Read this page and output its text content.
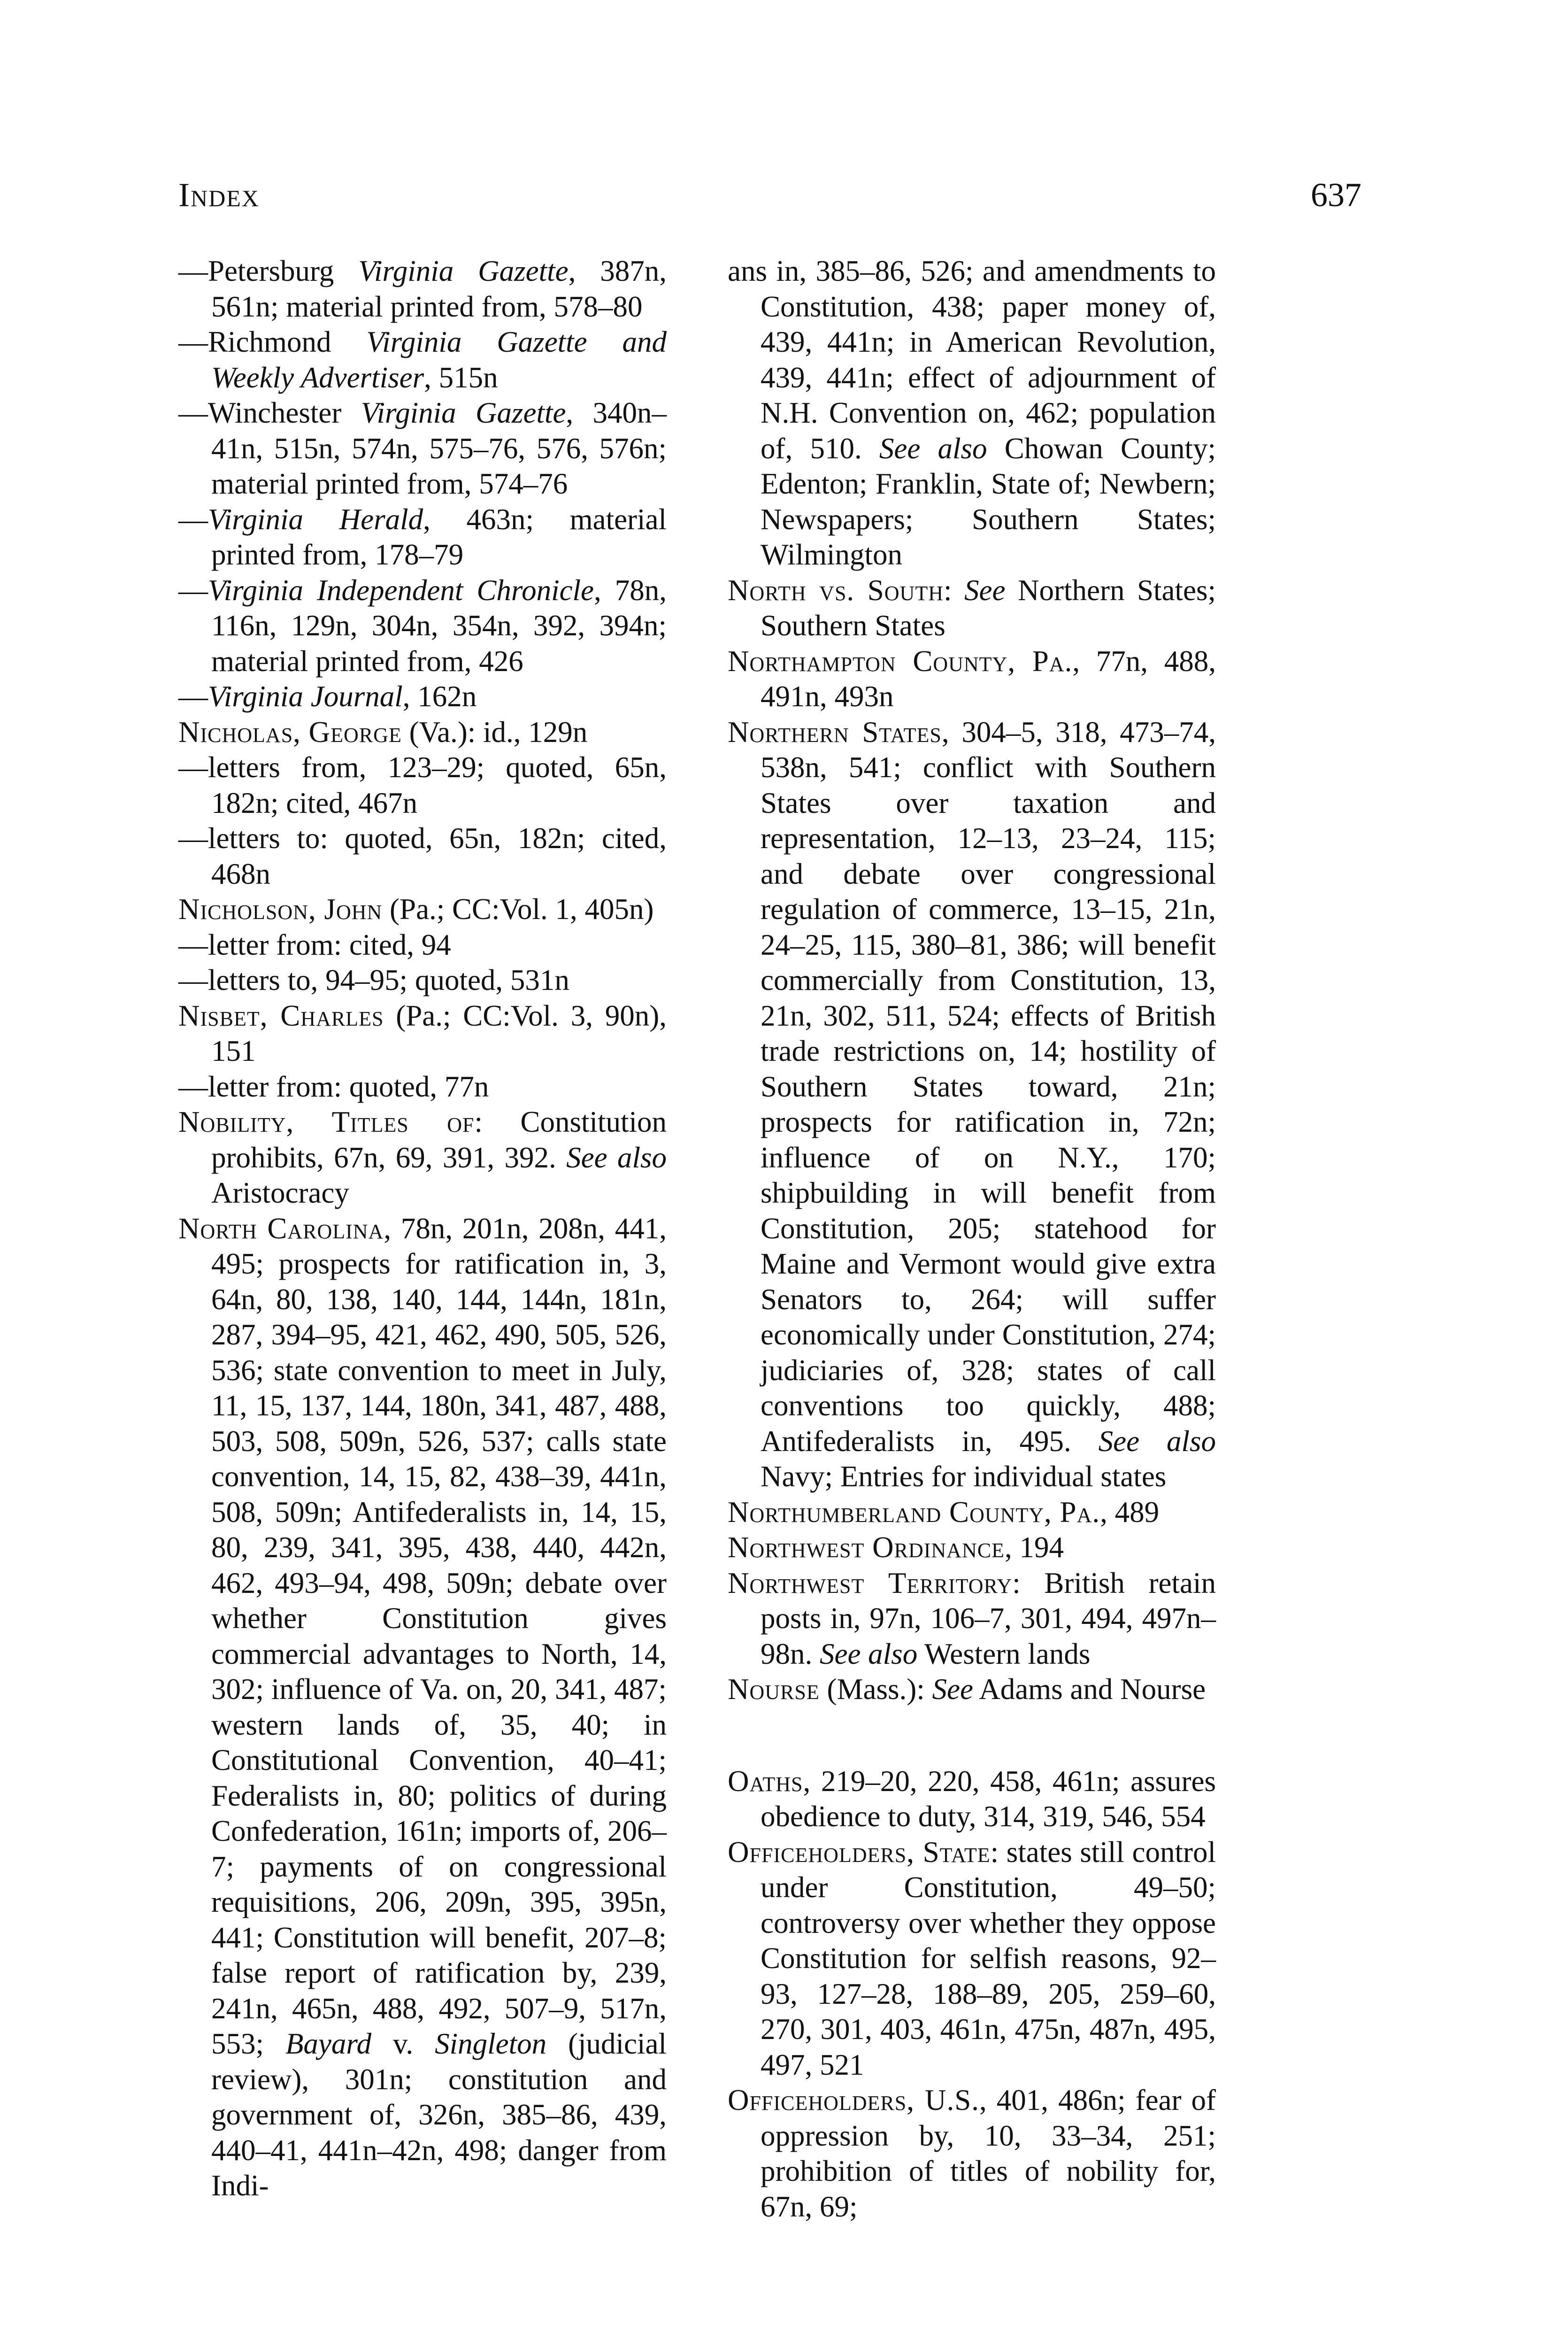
Index	637

—Petersburg Virginia Gazette, 387n, 561n; material printed from, 578–80

—Richmond Virginia Gazette and Weekly Advertiser, 515n

—Winchester Virginia Gazette, 340n–41n, 515n, 574n, 575–76, 576, 576n; material printed from, 574–76

—Virginia Herald, 463n; material printed from, 178–79

—Virginia Independent Chronicle, 78n, 116n, 129n, 304n, 354n, 392, 394n; material printed from, 426

—Virginia Journal, 162n

Nicholas, George (Va.): id., 129n

—letters from, 123–29; quoted, 65n, 182n; cited, 467n

—letters to: quoted, 65n, 182n; cited, 468n

Nicholson, John (Pa.; CC:Vol. 1, 405n)

—letter from: cited, 94

—letters to, 94–95; quoted, 531n

Nisbet, Charles (Pa.; CC:Vol. 3, 90n), 151

—letter from: quoted, 77n

Nobility, Titles of: Constitution prohibits, 67n, 69, 391, 392. See also Aristocracy

North Carolina, 78n, 201n, 208n, 441, 495; prospects for ratification in, 3, 64n, 80, 138, 140, 144, 144n, 181n, 287, 394–95, 421, 462, 490, 505, 526, 536; state convention to meet in July, 11, 15, 137, 144, 180n, 341, 487, 488, 503, 508, 509n, 526, 537; calls state convention, 14, 15, 82, 438–39, 441n, 508, 509n; Antifederalists in, 14, 15, 80, 239, 341, 395, 438, 440, 442n, 462, 493–94, 498, 509n; debate over whether Constitution gives commercial advantages to North, 14, 302; influence of Va. on, 20, 341, 487; western lands of, 35, 40; in Constitutional Convention, 40–41; Federalists in, 80; politics of during Confederation, 161n; imports of, 206–7; payments of on congressional requisitions, 206, 209n, 395, 395n, 441; Constitution will benefit, 207–8; false report of ratification by, 239, 241n, 465n, 488, 492, 507–9, 517n, 553; Bayard v. Singleton (judicial review), 301n; constitution and government of, 326n, 385–86, 439, 440–41, 441n–42n, 498; danger from Indi-

ans in, 385–86, 526; and amendments to Constitution, 438; paper money of, 439, 441n; in American Revolution, 439, 441n; effect of adjournment of N.H. Convention on, 462; population of, 510. See also Chowan County; Edenton; Franklin, State of; Newbern; Newspapers; Southern States; Wilmington

North vs. South: See Northern States; Southern States

Northampton County, Pa., 77n, 488, 491n, 493n

Northern States, 304–5, 318, 473–74, 538n, 541; conflict with Southern States over taxation and representation, 12–13, 23–24, 115; and debate over congressional regulation of commerce, 13–15, 21n, 24–25, 115, 380–81, 386; will benefit commercially from Constitution, 13, 21n, 302, 511, 524; effects of British trade restrictions on, 14; hostility of Southern States toward, 21n; prospects for ratification in, 72n; influence of on N.Y., 170; shipbuilding in will benefit from Constitution, 205; statehood for Maine and Vermont would give extra Senators to, 264; will suffer economically under Constitution, 274; judiciaries of, 328; states of call conventions too quickly, 488; Antifederalists in, 495. See also Navy; Entries for individual states

Northumberland County, Pa., 489

Northwest Ordinance, 194

Northwest Territory: British retain posts in, 97n, 106–7, 301, 494, 497n–98n. See also Western lands

Nourse (Mass.): See Adams and Nourse

Oaths, 219–20, 220, 458, 461n; assures obedience to duty, 314, 319, 546, 554

Officeholders, State: states still control under Constitution, 49–50; controversy over whether they oppose Constitution for selfish reasons, 92–93, 127–28, 188–89, 205, 259–60, 270, 301, 403, 461n, 475n, 487n, 495, 497, 521

Officeholders, U.S., 401, 486n; fear of oppression by, 10, 33–34, 251; prohibition of titles of nobility for, 67n, 69;
